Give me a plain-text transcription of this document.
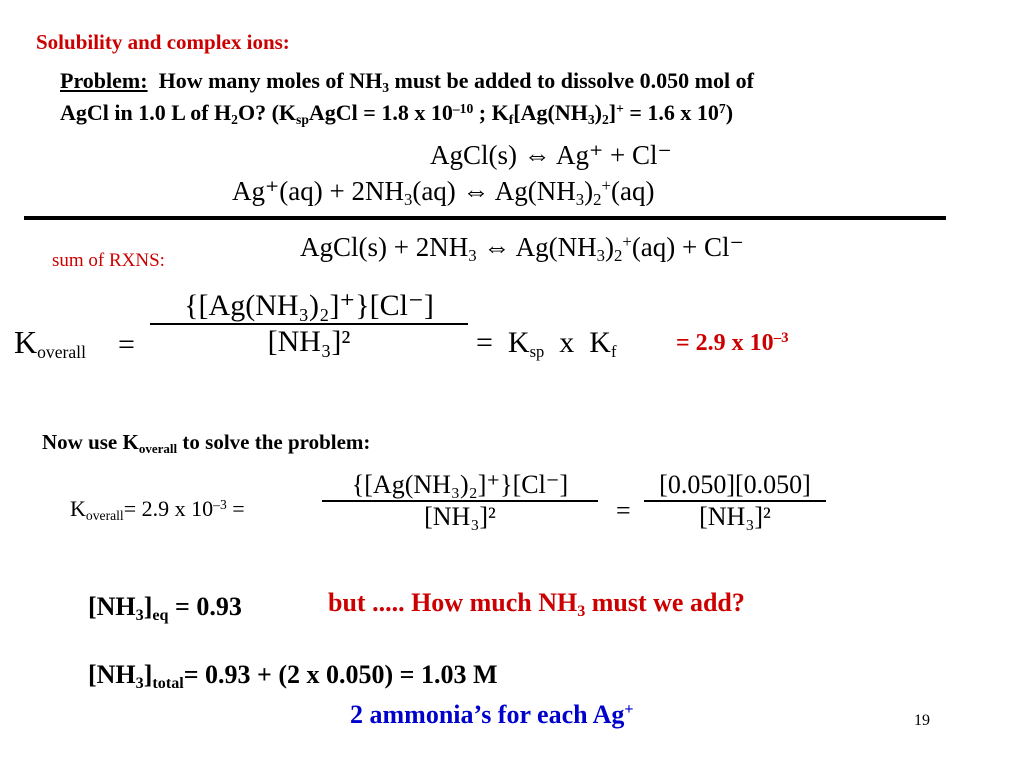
Solubility and complex ions:
Problem: How many moles of $NH_3$ must be added to dissolve 0.050 mol of
AgCl in 1.0 L of $H_2O$? ($K_{sp}AgCl = 1.8$ x $10^{-10}$ ; $K_f[Ag(NH_3)_2]^+ = 1.6$ x $10^7$)
AgCl(s) ⇔ Ag⁺ + Cl⁻
$Ag^+(aq) + 2NH_3(aq)$ ⇔ $Ag(NH_3)_2^+(aq)$
sum of RXNS:	AgCl(s) + $2NH_3$ ⇔ $Ag(NH_3)_2^+(aq) + Cl^-$
$K_{overall}$ =
{[Ag(NH₃)₂]⁺}[Cl⁻]
[NH₃]²	= $K_{sp}$ x $K_f = 2.9$ x $10^{-3}$
Now use $K_{overall}$ to solve the problem:
$K_{overall}= 2.9$ x $10^{-3}$ =
{[Ag(NH₃)₂]⁺}[Cl⁻]
[NH₃]²	=
[0.050][0.050]
[NH₃]²
$[NH_3]_{eq} = 0.93$	but ..... How much $NH_3$ must we add?
$[NH_3]_{total}= 0.93 + (2$ x 0.050) = 1.03 M
2 ammonia’s for each Ag+
19
